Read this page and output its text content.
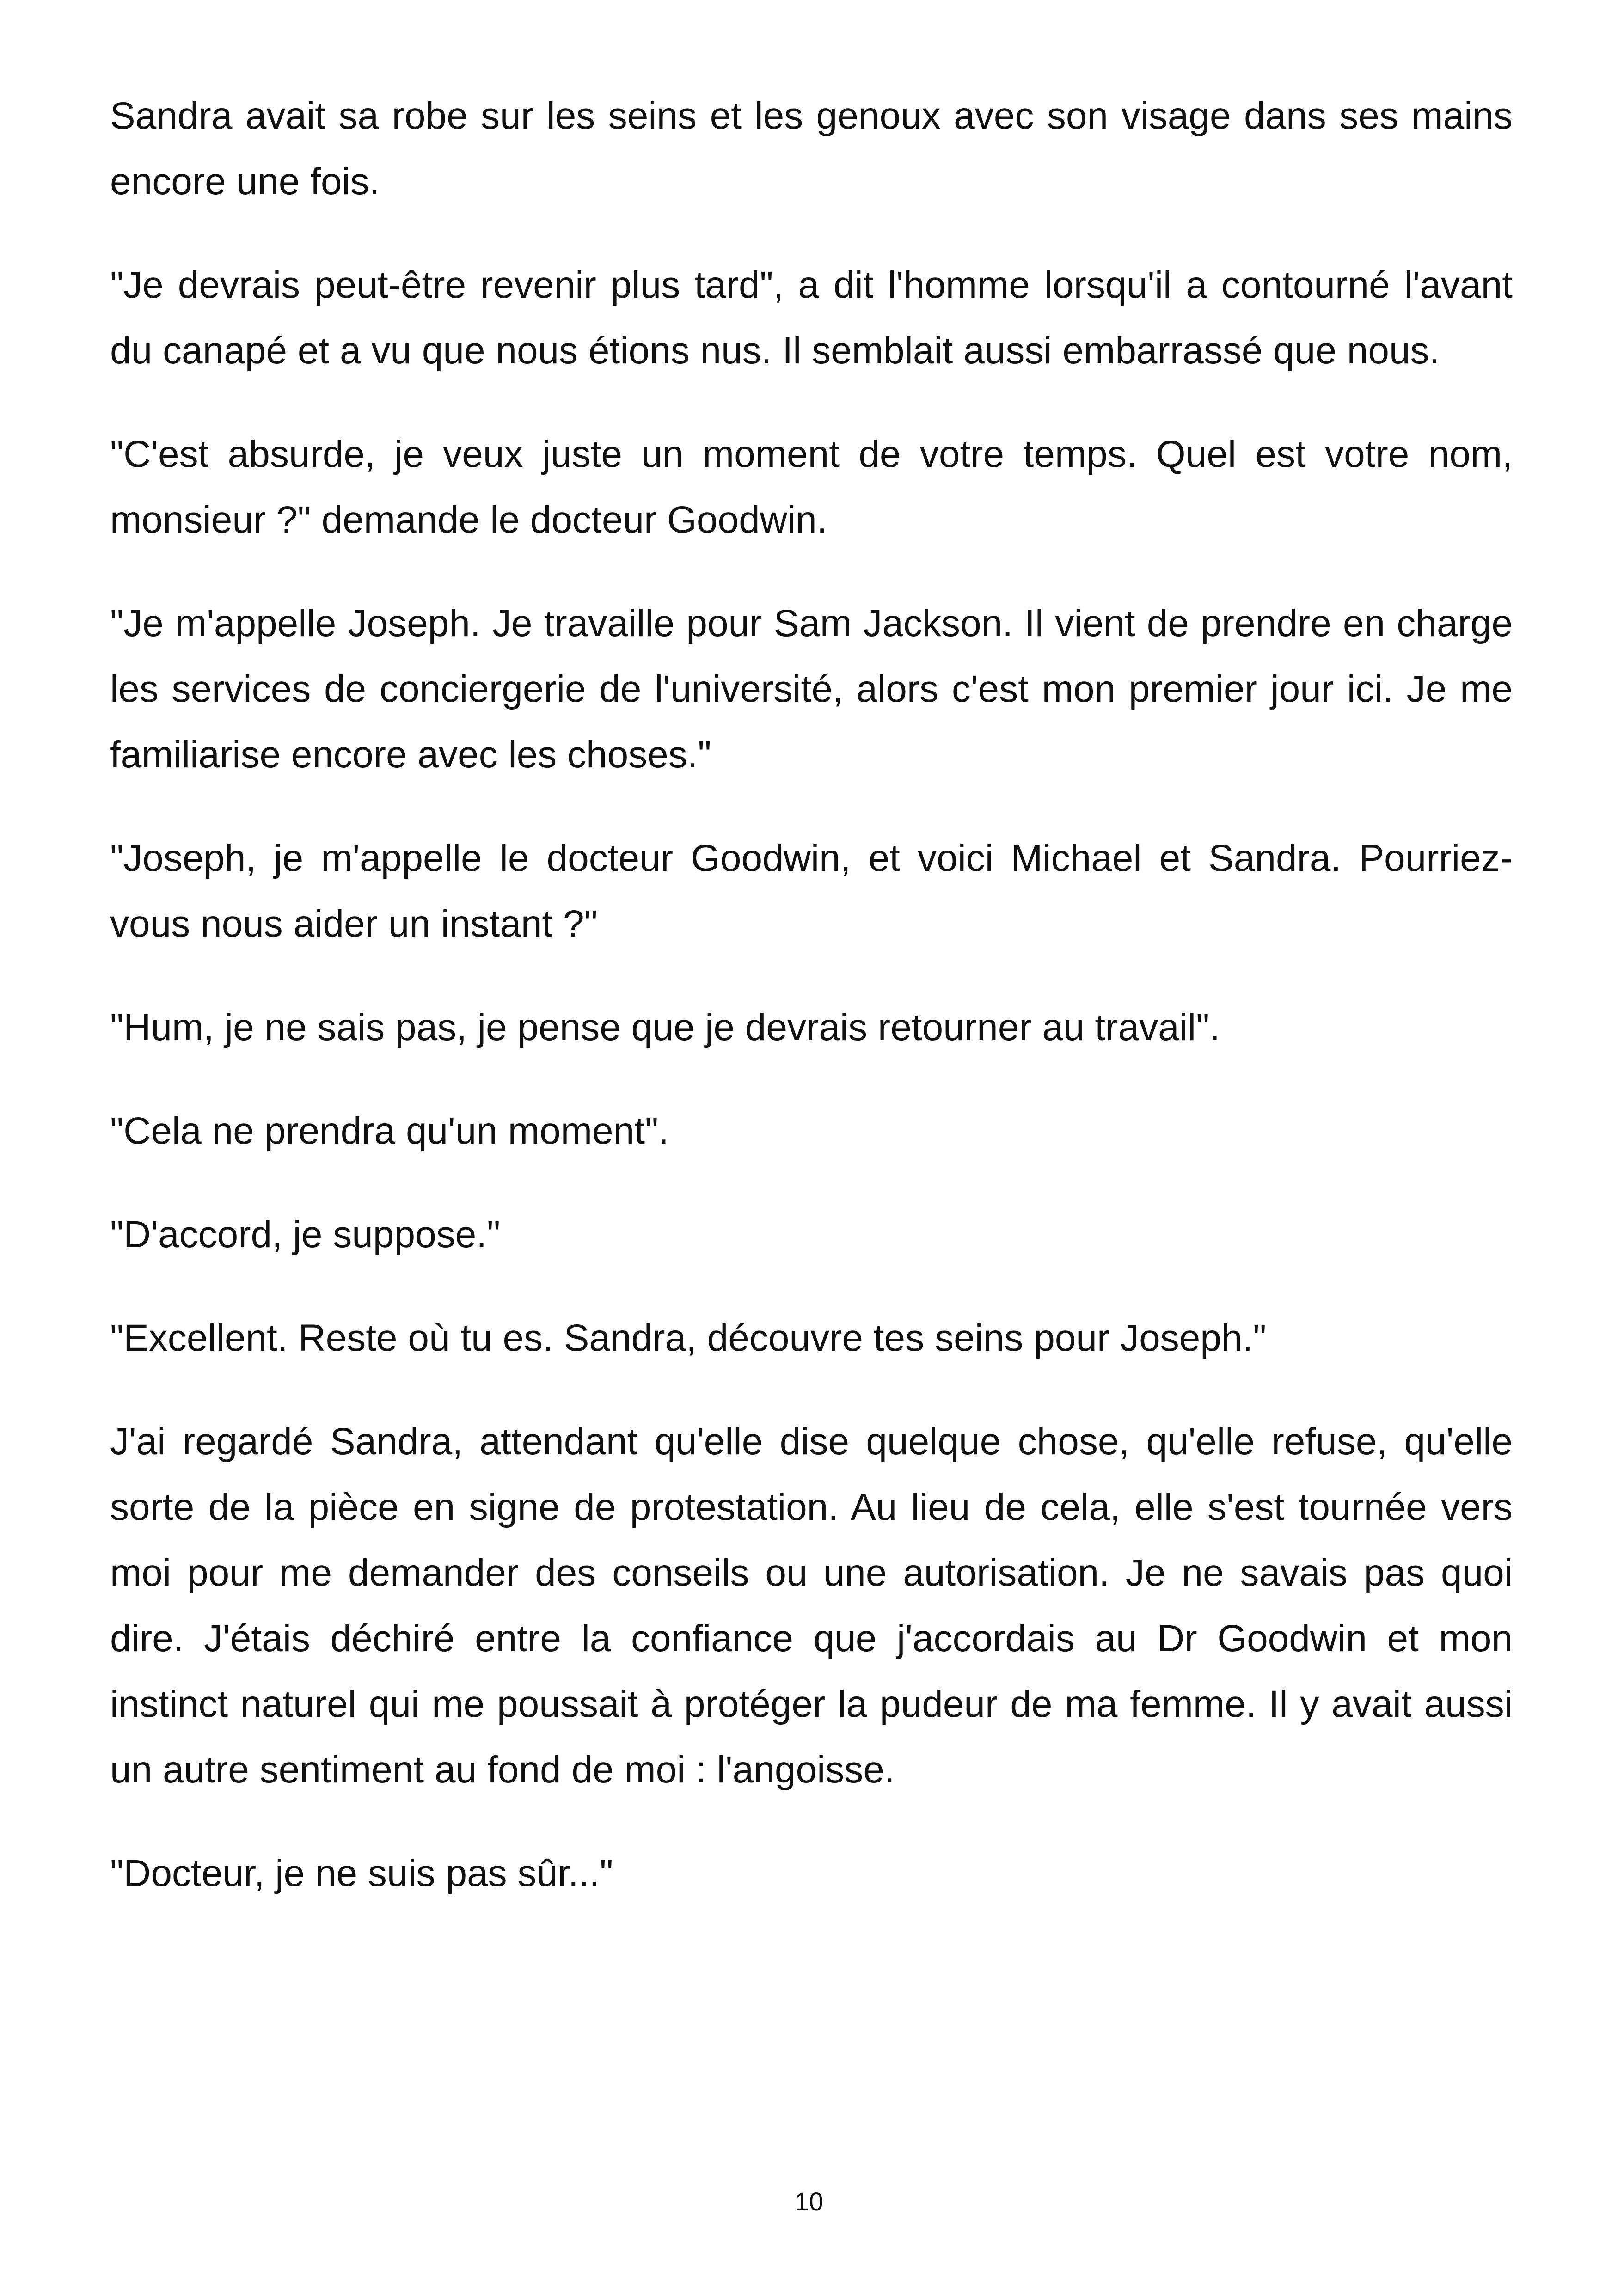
Sandra avait sa robe sur les seins et les genoux avec son visage dans ses mains encore une fois.

"Je devrais peut-être revenir plus tard", a dit l'homme lorsqu'il a contourné l'avant du canapé et a vu que nous étions nus. Il semblait aussi embarrassé que nous.

"C'est absurde, je veux juste un moment de votre temps. Quel est votre nom, monsieur ?" demande le docteur Goodwin.

"Je m'appelle Joseph. Je travaille pour Sam Jackson. Il vient de prendre en charge les services de conciergerie de l'université, alors c'est mon premier jour ici. Je me familiarise encore avec les choses."

"Joseph, je m'appelle le docteur Goodwin, et voici Michael et Sandra. Pourriez-vous nous aider un instant ?"

"Hum, je ne sais pas, je pense que je devrais retourner au travail".

"Cela ne prendra qu'un moment".

"D'accord, je suppose."

"Excellent. Reste où tu es. Sandra, découvre tes seins pour Joseph."

J'ai regardé Sandra, attendant qu'elle dise quelque chose, qu'elle refuse, qu'elle sorte de la pièce en signe de protestation. Au lieu de cela, elle s'est tournée vers moi pour me demander des conseils ou une autorisation. Je ne savais pas quoi dire. J'étais déchiré entre la confiance que j'accordais au Dr Goodwin et mon instinct naturel qui me poussait à protéger la pudeur de ma femme. Il y avait aussi un autre sentiment au fond de moi : l'angoisse.

"Docteur, je ne suis pas sûr..."

10
